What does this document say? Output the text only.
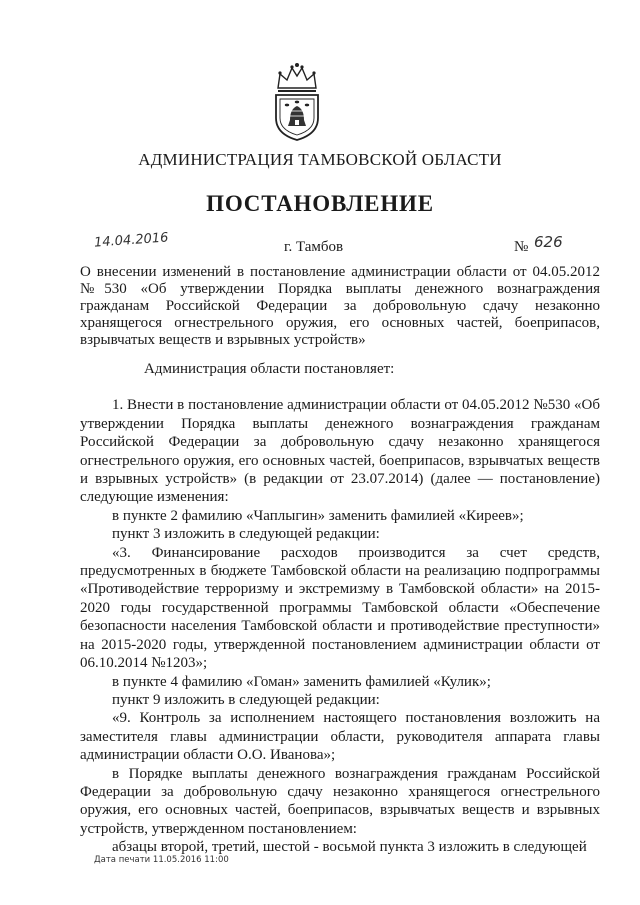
АДМИНИСТРАЦИЯ ТАМБОВСКОЙ ОБЛАСТИ
ПОСТАНОВЛЕНИЕ
14.04.2016	г. Тамбов	№ 626
О внесении изменений в постановление администрации области от 04.05.2012 №530 «Об утверждении Порядка выплаты денежного вознаграждения гражданам Российской Федерации за добровольную сдачу незаконно хранящегося огнестрельного оружия, его основных частей, боеприпасов, взрывчатых веществ и взрывных устройств»

Администрация области постановляет:

1. Внести в постановление администрации области от 04.05.2012 №530 «Об утверждении Порядка выплаты денежного вознаграждения гражданам Российской Федерации за добровольную сдачу незаконно хранящегося огнестрельного оружия, его основных частей, боеприпасов, взрывчатых веществ и взрывных устройств» (в редакции от 23.07.2014) (далее — постановление) следующие изменения:

в пункте 2 фамилию «Чаплыгин» заменить фамилией «Киреев»;

пункт 3 изложить в следующей редакции:

«3. Финансирование расходов производится за счет средств, предусмотренных в бюджете Тамбовской области на реализацию подпрограммы «Противодействие терроризму и экстремизму в Тамбовской области» на 2015-2020 годы государственной программы Тамбовской области «Обеспечение безопасности населения Тамбовской области и противодействие преступности» на 2015-2020 годы, утвержденной постановлением администрации области от 06.10.2014 №1203»;

в пункте 4 фамилию «Гоман» заменить фамилией «Кулик»;

пункт 9 изложить в следующей редакции:

«9. Контроль за исполнением настоящего постановления возложить на заместителя главы администрации области, руководителя аппарата главы администрации области О.О. Иванова»;

в Порядке выплаты денежного вознаграждения гражданам Российской Федерации за добровольную сдачу незаконно хранящегося огнестрельного оружия, его основных частей, боеприпасов, взрывчатых веществ и взрывных устройств, утвержденном постановлением:

абзацы второй, третий, шестой - восьмой пункта 3 изложить в следующей

Дата печати 11.05.2016 11:00
